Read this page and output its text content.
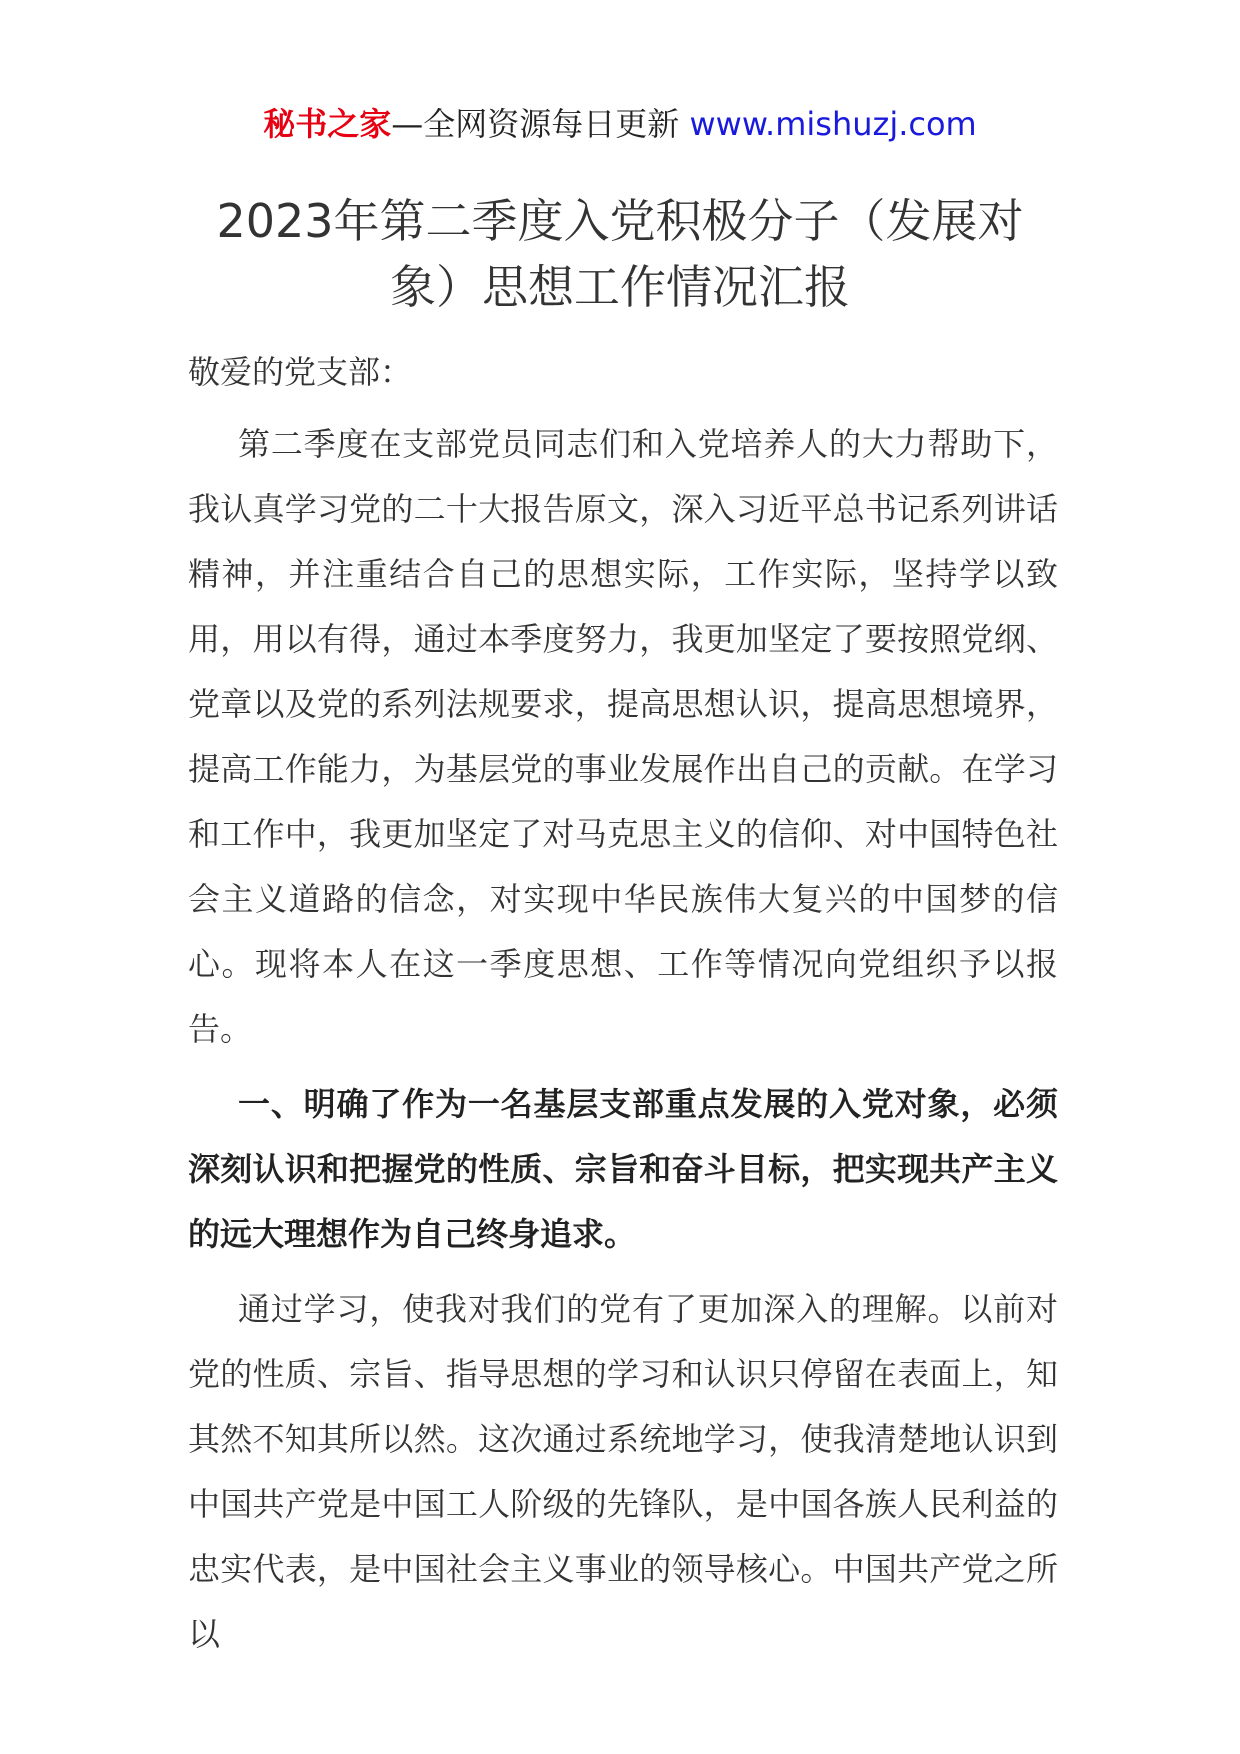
秘书之家—全网资源每日更新 www.mishuzj.com
2023年第二季度入党积极分子（发展对
象）思想工作情况汇报

敬爱的党支部：

第二季度在支部党员同志们和入党培养人的大力帮助下，我认真学习党的二十大报告原文，深入习近平总书记系列讲话精神，并注重结合自己的思想实际，工作实际，坚持学以致用，用以有得，通过本季度努力，我更加坚定了要按照党纲、党章以及党的系列法规要求，提高思想认识，提高思想境界，提高工作能力，为基层党的事业发展作出自己的贡献。在学习和工作中，我更加坚定了对马克思主义的信仰、对中国特色社会主义道路的信念，对实现中华民族伟大复兴的中国梦的信心。现将本人在这一季度思想、工作等情况向党组织予以报告。

一、明确了作为一名基层支部重点发展的入党对象，必须深刻认识和把握党的性质、宗旨和奋斗目标，把实现共产主义的远大理想作为自己终身追求。

通过学习，使我对我们的党有了更加深入的理解。以前对党的性质、宗旨、指导思想的学习和认识只停留在表面上，知其然不知其所以然。这次通过系统地学习，使我清楚地认识到中国共产党是中国工人阶级的先锋队，是中国各族人民利益的忠实代表，是中国社会主义事业的领导核心。中国共产党之所以
